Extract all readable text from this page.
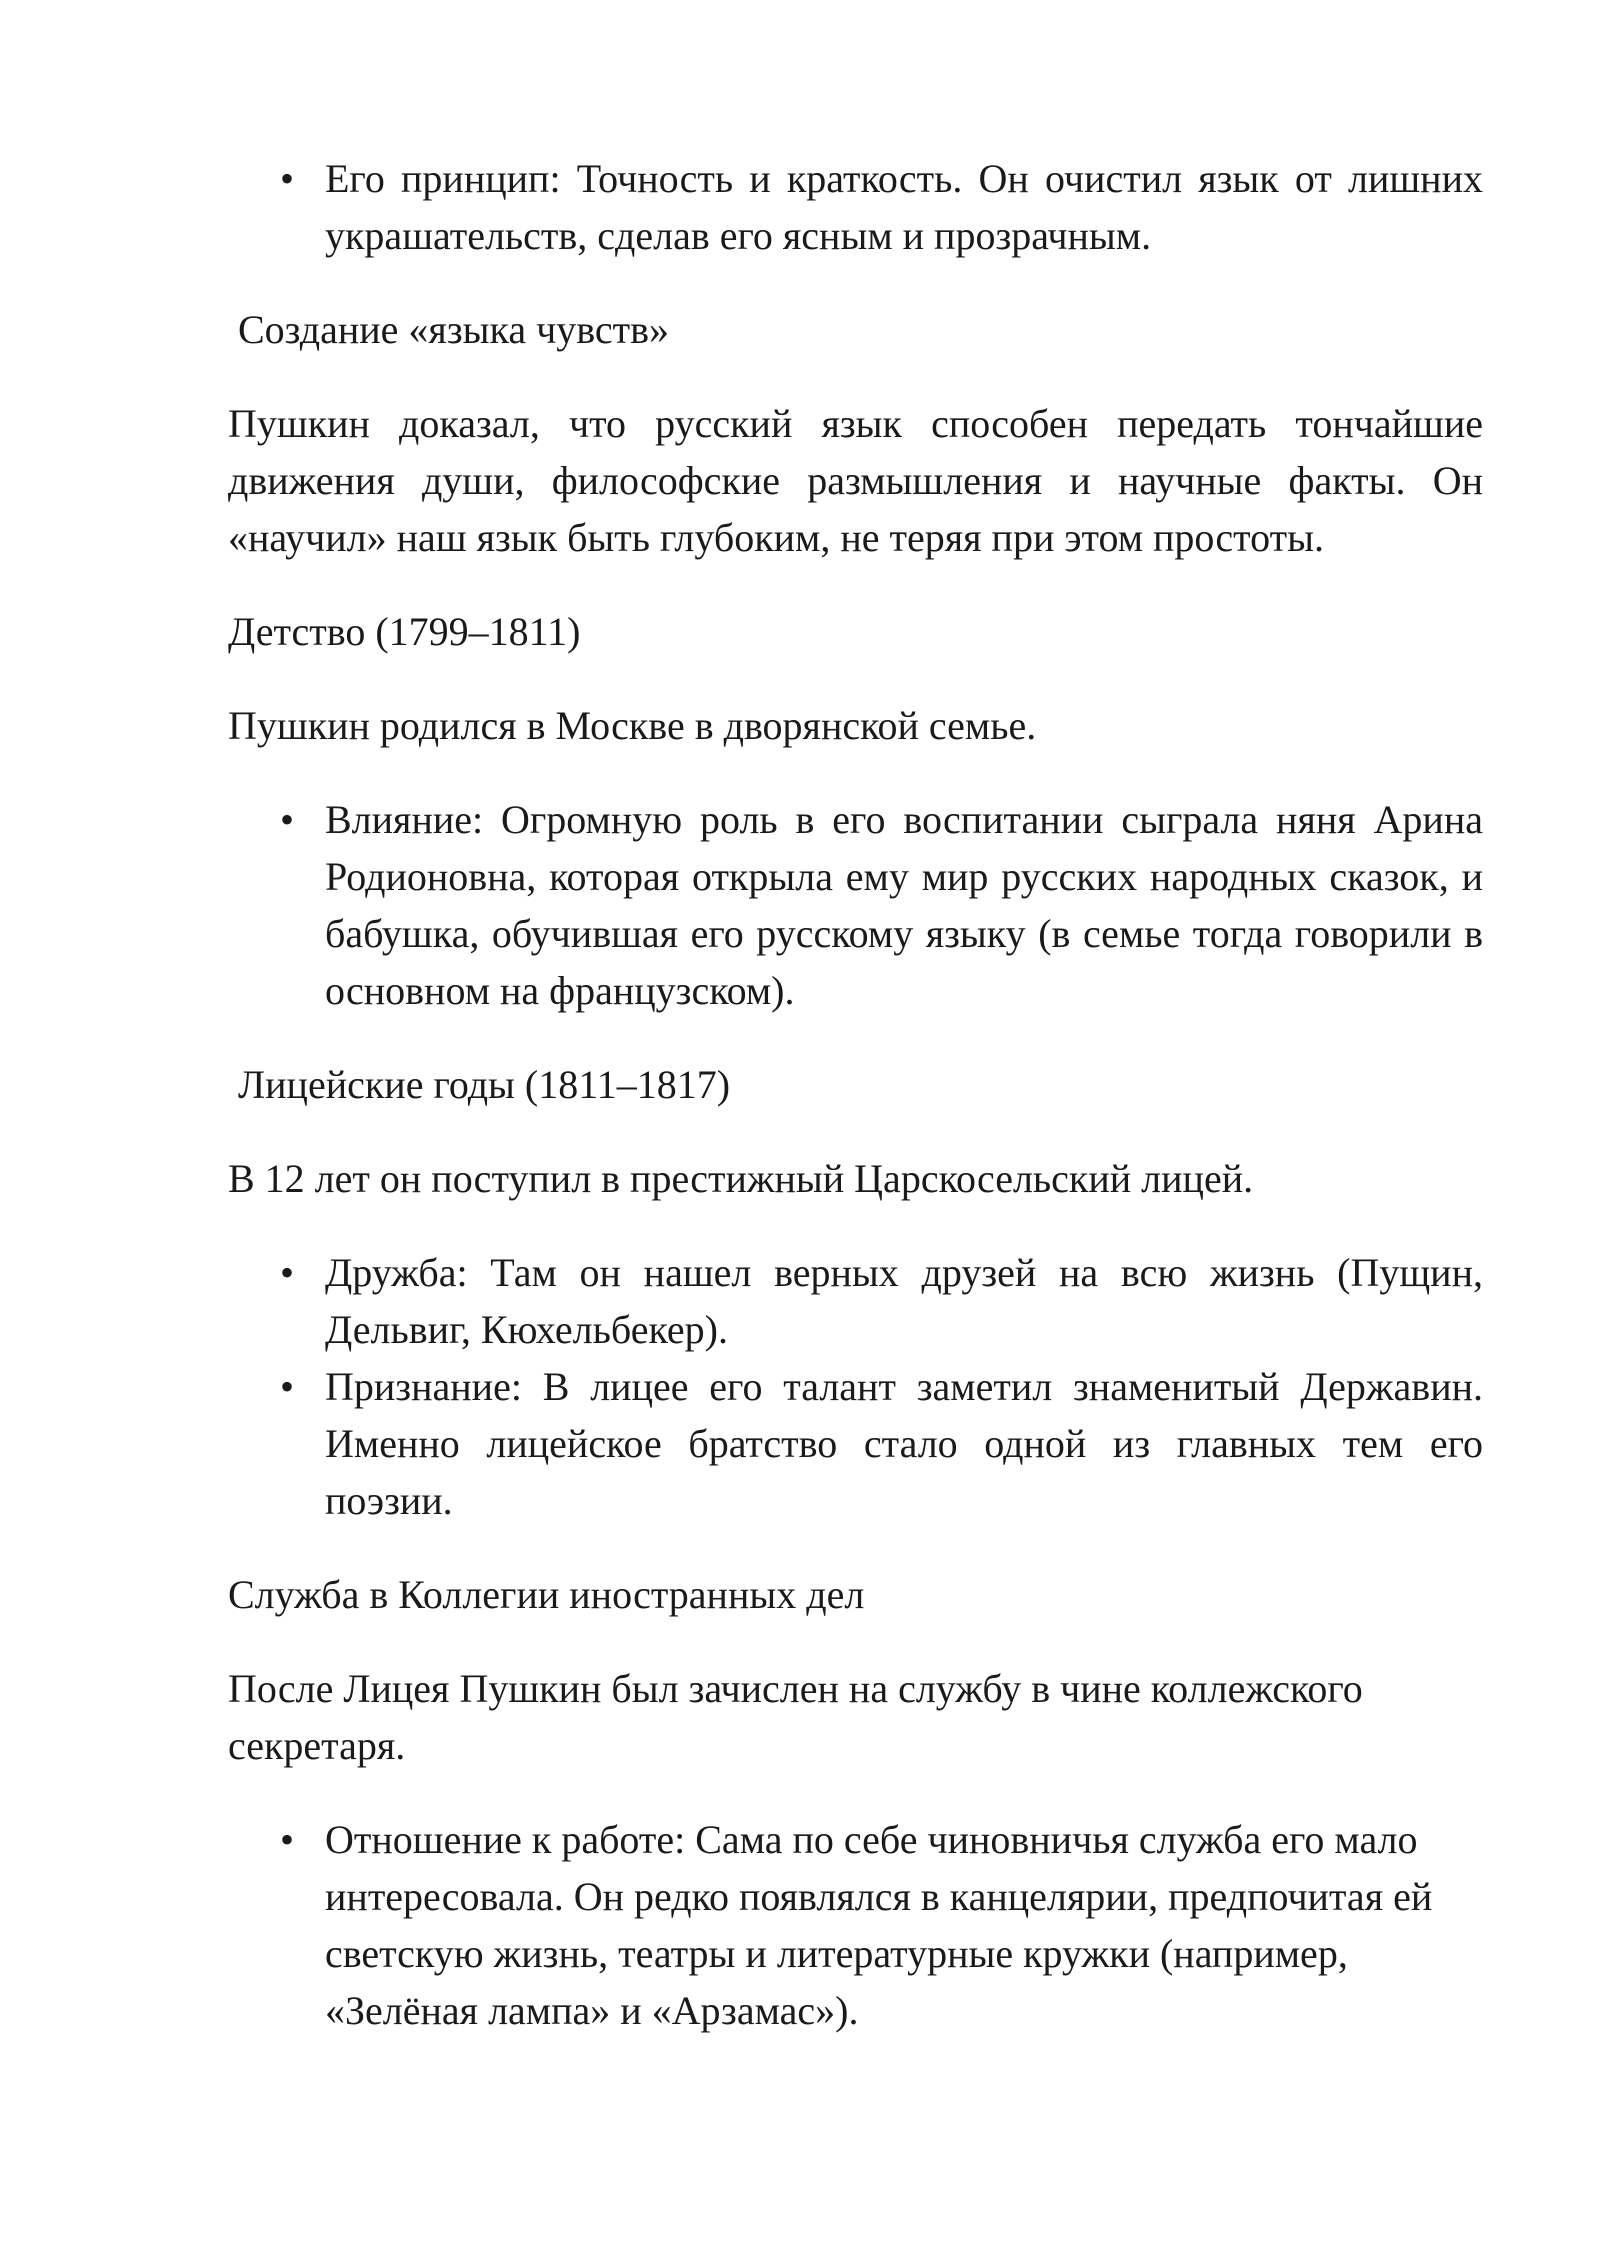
• Его принцип: Точность и краткость. Он очистил язык от лишних украшательств, сделав его ясным и прозрачным.

Создание «языка чувств»

Пушкин доказал, что русский язык способен передать тончайшие движения души, философские размышления и научные факты. Он «научил» наш язык быть глубоким, не теряя при этом простоты.

Детство (1799–1811)

Пушкин родился в Москве в дворянской семье.

• Влияние: Огромную роль в его воспитании сыграла няня Арина Родионовна, которая открыла ему мир русских народных сказок, и бабушка, обучившая его русскому языку (в семье тогда говорили в основном на французском).

Лицейские годы (1811–1817)

В 12 лет он поступил в престижный Царскосельский лицей.

• Дружба: Там он нашел верных друзей на всю жизнь (Пущин, Дельвиг, Кюхельбекер).
• Признание: В лицее его талант заметил знаменитый Державин. Именно лицейское братство стало одной из главных тем его поэзии.

Служба в Коллегии иностранных дел

После Лицея Пушкин был зачислен на службу в чине коллежского секретаря.

• Отношение к работе: Сама по себе чиновничья служба его мало интересовала. Он редко появлялся в канцелярии, предпочитая ей светскую жизнь, театры и литературные кружки (например, «Зелёная лампа» и «Арзамас»).
